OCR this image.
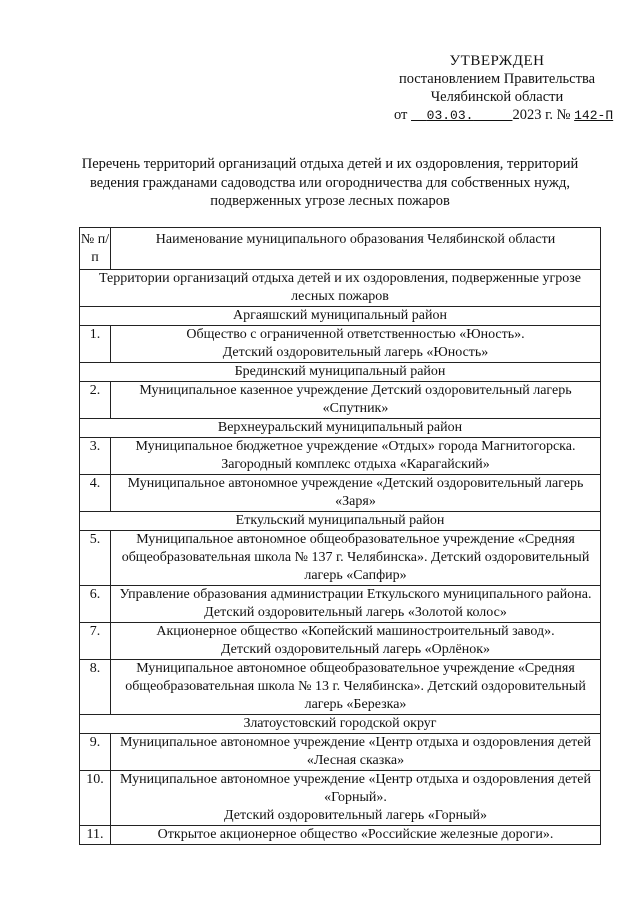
УТВЕРЖДЕН
постановлением Правительства
Челябинской области
от 03.03.	2023 г. № 142-П
Перечень территорий организаций отдыха детей и их оздоровления, территорий ведения гражданами садоводства или огородничества для собственных нужд, подверженных угрозе лесных пожаров
№ п/п	Наименование муниципального образования Челябинской области
Территории организаций отдыха детей и их оздоровления, подверженные угрозе лесных пожаров	
Аргаяшский муниципальный район	
1.	Общество с ограниченной ответственностью «Юность».
Детский оздоровительный лагерь «Юность»

Брединский муниципальный район	
2.	Муниципальное казенное учреждение Детский оздоровительный лагерь «Спутник»

Верхнеуральский муниципальный район	
3.	Муниципальное бюджетное учреждение «Отдых» города Магнитогорска.
Загородный комплекс отдыха «Карагайский»

4.	Муниципальное автономное учреждение «Детский оздоровительный лагерь «Заря»

Еткульский муниципальный район	
5.	Муниципальное автономное общеобразовательное учреждение «Средняя общеобразовательная школа № 137 г. Челябинска». Детский оздоровительный лагерь «Сапфир»

6.	Управление образования администрации Еткульского муниципального района. Детский оздоровительный лагерь «Золотой колос»

7.	Акционерное общество «Копейский машиностроительный завод».
Детский оздоровительный лагерь «Орлёнок»

8.	Муниципальное автономное общеобразовательное учреждение «Средняя общеобразовательная школа № 13 г. Челябинска». Детский оздоровительный лагерь «Березка»

Златоустовский городской округ	
9.	Муниципальное автономное учреждение «Центр отдыха и оздоровления детей «Лесная сказка»

10.	Муниципальное автономное учреждение «Центр отдыха и оздоровления детей «Горный».
Детский оздоровительный лагерь «Горный»

11.	Открытое акционерное общество «Российские железные дороги».
